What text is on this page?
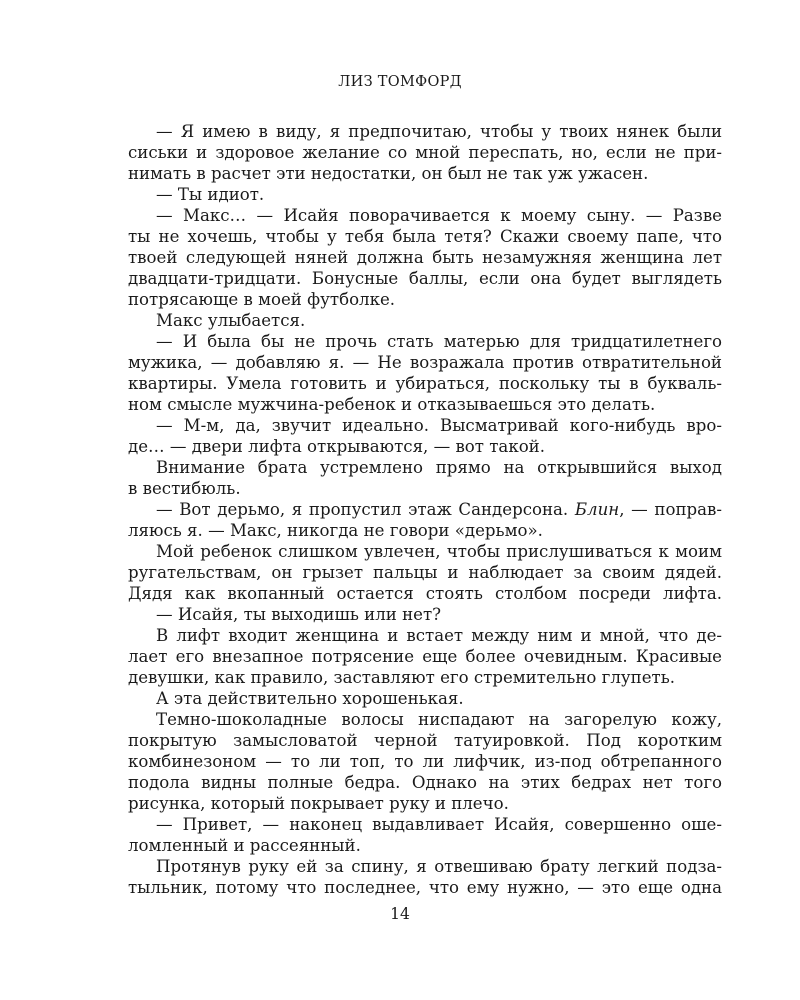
ЛИЗ ТОМФОРД
— Я имею в виду, я предпочитаю, чтобы у твоих нянек были
сиськи и здоровое желание со мной переспать, но, если не при-
нимать в расчет эти недостатки, он был не так уж ужасен.
— Ты идиот.
— Макс… — Исайя поворачивается к моему сыну. — Разве
ты не хочешь, чтобы у тебя была тетя? Скажи своему папе, что
твоей следующей няней должна быть незамужняя женщина лет
двадцати-тридцати. Бонусные баллы, если она будет выглядеть
потрясающе в моей футболке.
Макс улыбается.
— И была бы не прочь стать матерью для тридцатилетнего
мужика, — добавляю я. — Не возражала против отвратительной
квартиры. Умела готовить и убираться, поскольку ты в букваль-
ном смысле мужчина-ребенок и отказываешься это делать.
— М-м, да, звучит идеально. Высматривай кого-нибудь вро-
де… — двери лифта открываются, — вот такой.
Внимание брата устремлено прямо на открывшийся выход
в вестибюль.
— Вот дерьмо, я пропустил этаж Сандерсона. Блин, — поправ-
ляюсь я. — Макс, никогда не говори «дерьмо».
Мой ребенок слишком увлечен, чтобы прислушиваться к моим
ругательствам, он грызет пальцы и наблюдает за своим дядей.
Дядя как вкопанный остается стоять столбом посреди лифта.
— Исайя, ты выходишь или нет?
В лифт входит женщина и встает между ним и мной, что де-
лает его внезапное потрясение еще более очевидным. Красивые
девушки, как правило, заставляют его стремительно глупеть.
А эта действительно хорошенькая.
Темно-шоколадные волосы ниспадают на загорелую кожу,
покрытую замысловатой черной татуировкой. Под коротким
комбинезоном — то ли топ, то ли лифчик, из-под обтрепанного
подола видны полные бедра. Однако на этих бедрах нет того
рисунка, который покрывает руку и плечо.
— Привет, — наконец выдавливает Исайя, совершенно оше-
ломленный и рассеянный.
Протянув руку ей за спину, я отвешиваю брату легкий подза-
тыльник, потому что последнее, что ему нужно, — это еще одна
14
